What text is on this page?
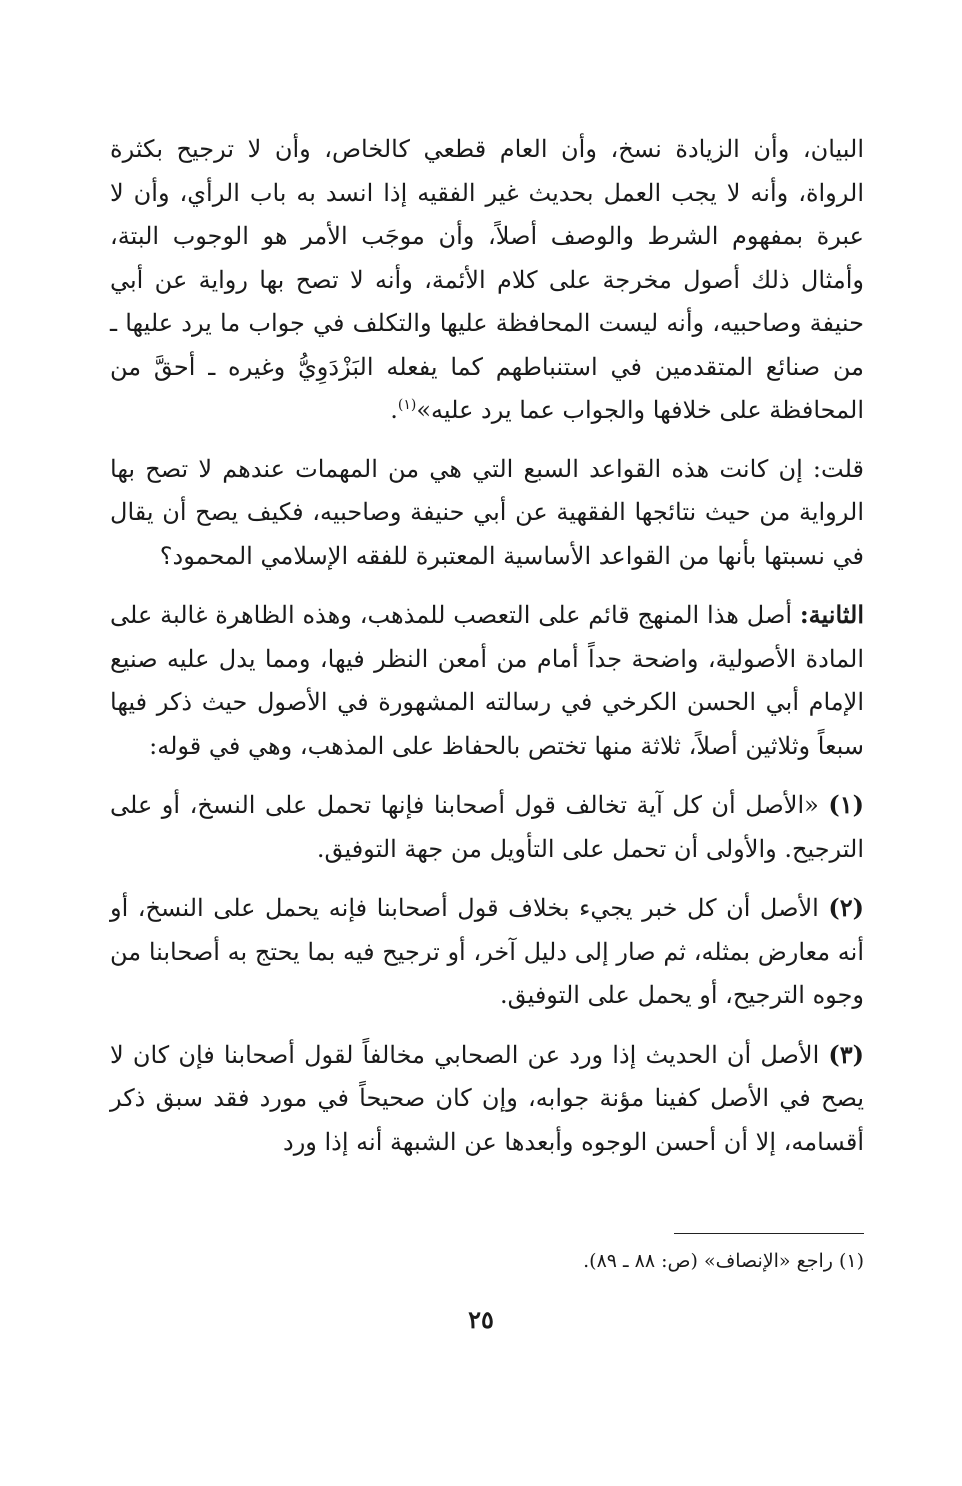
البيان، وأن الزيادة نسخ، وأن العام قطعي كالخاص، وأن لا ترجيح بكثرة الرواة، وأنه لا يجب العمل بحديث غير الفقيه إذا انسد به باب الرأي، وأن لا عبرة بمفهوم الشرط والوصف أصلاً، وأن موجَب الأمر هو الوجوب البتة، وأمثال ذلك أصول مخرجة على كلام الأئمة، وأنه لا تصح بها رواية عن أبي حنيفة وصاحبيه، وأنه ليست المحافظة عليها والتكلف في جواب ما يرد عليها ـ من صنائع المتقدمين في استنباطهم كما يفعله البَزْدَوِيُّ وغيره ـ أحقَّ من المحافظة على خلافها والجواب عما يرد عليه»$^{(١)}$.

قلت: إن كانت هذه القواعد السبع التي هي من المهمات عندهم لا تصح بها الرواية من حيث نتائجها الفقهية عن أبي حنيفة وصاحبيه، فكيف يصح أن يقال في نسبتها بأنها من القواعد الأساسية المعتبرة للفقه الإسلامي المحمود؟

الثانية: أصل هذا المنهج قائم على التعصب للمذهب، وهذه الظاهرة غالبة على المادة الأصولية، واضحة جداً أمام من أمعن النظر فيها، ومما يدل عليه صنيع الإمام أبي الحسن الكرخي في رسالته المشهورة في الأصول حيث ذكر فيها سبعاً وثلاثين أصلاً، ثلاثة منها تختص بالحفاظ على المذهب، وهي في قوله:

(١) «الأصل أن كل آية تخالف قول أصحابنا فإنها تحمل على النسخ، أو على الترجيح. والأولى أن تحمل على التأويل من جهة التوفيق.

(٢) الأصل أن كل خبر يجيء بخلاف قول أصحابنا فإنه يحمل على النسخ، أو أنه معارض بمثله، ثم صار إلى دليل آخر، أو ترجيح فيه بما يحتج به أصحابنا من وجوه الترجيح، أو يحمل على التوفيق.

(٣) الأصل أن الحديث إذا ورد عن الصحابي مخالفاً لقول أصحابنا فإن كان لا يصح في الأصل كفينا مؤنة جوابه، وإن كان صحيحاً في مورد فقد سبق ذكر أقسامه، إلا أن أحسن الوجوه وأبعدها عن الشبهة أنه إذا ورد

(١) راجع «الإنصاف» (ص: ٨٨ ـ ٨٩).

٢٥
